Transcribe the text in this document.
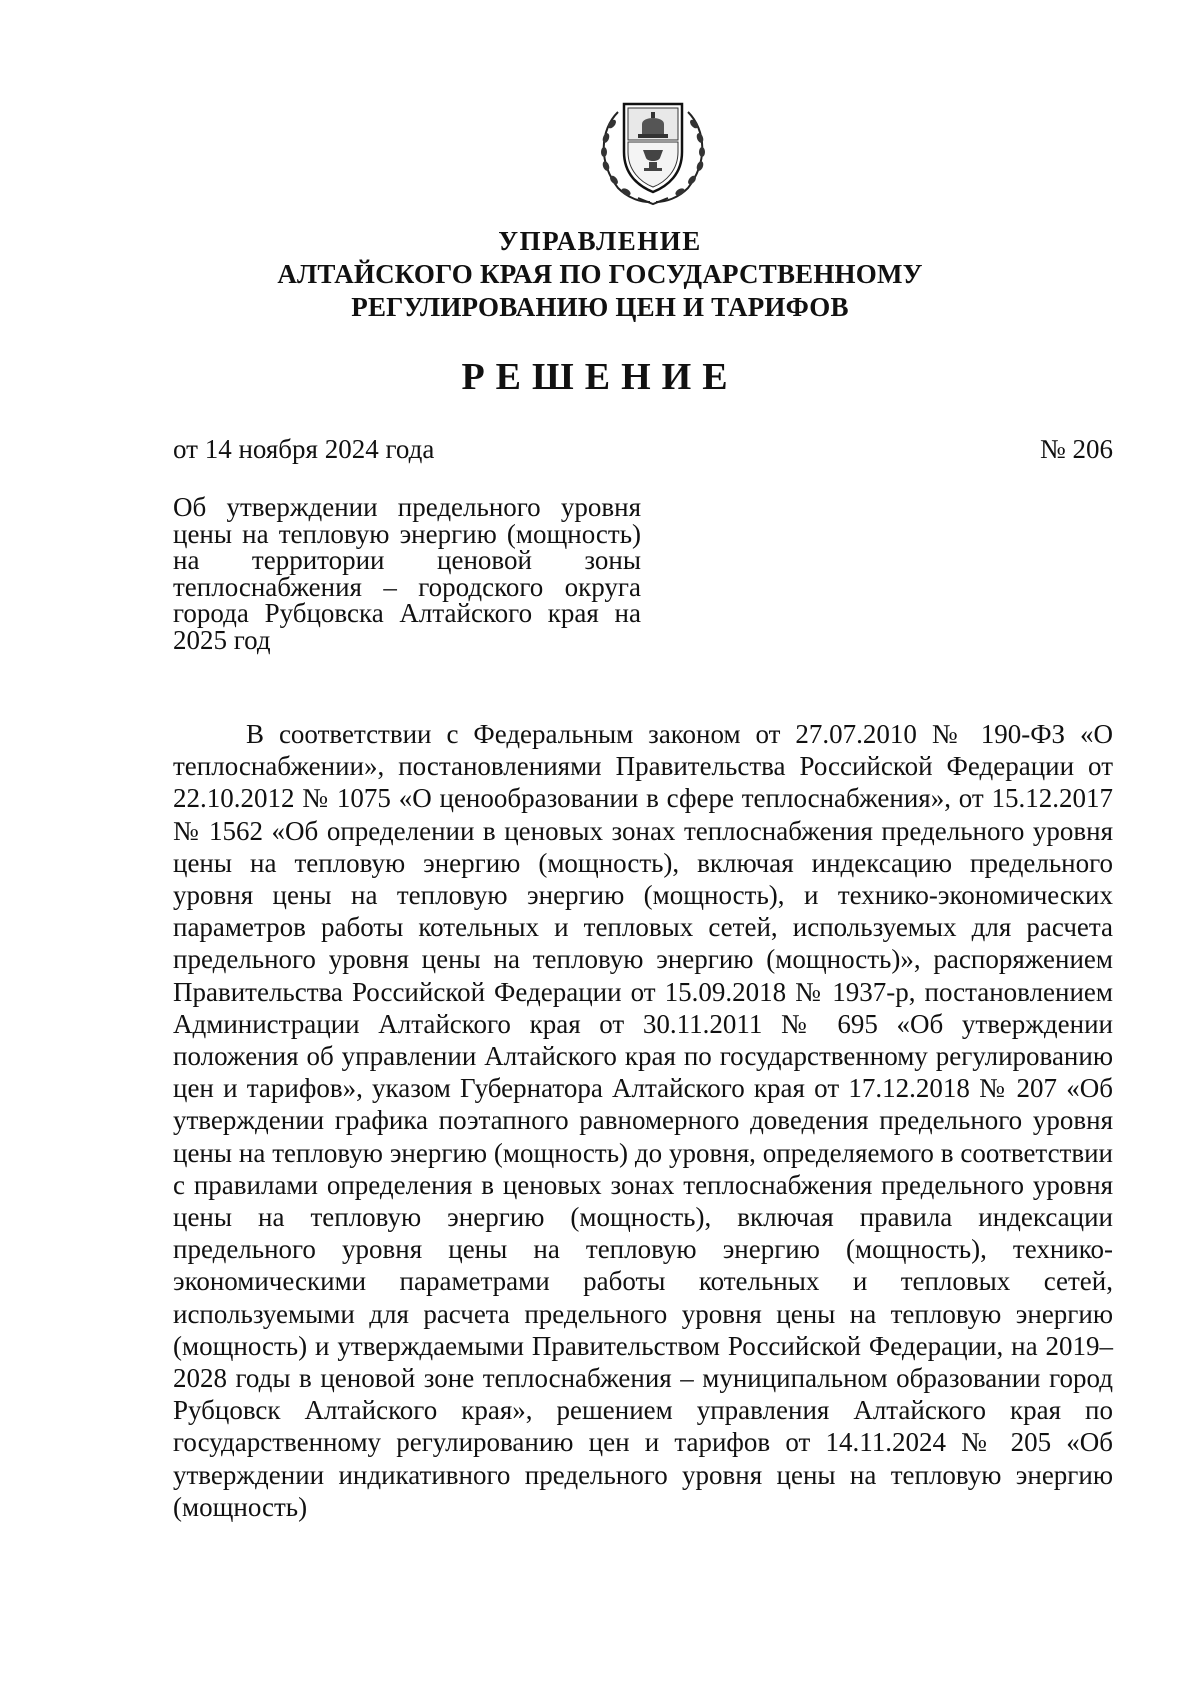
УПРАВЛЕНИЕ
АЛТАЙСКОГО КРАЯ ПО ГОСУДАРСТВЕННОМУ
РЕГУЛИРОВАНИЮ ЦЕН И ТАРИФОВ
РЕШЕНИЕ
от 14 ноября 2024 года	№ 206
Об утверждении предельного уровня цены на тепловую энергию (мощность) на территории ценовой зоны теплоснабжения – городского округа города Рубцовска Алтайского края на 2025 год
В соответствии с Федеральным законом от 27.07.2010 № 190-ФЗ «О теплоснабжении», постановлениями Правительства Российской Федерации от 22.10.2012 № 1075 «О ценообразовании в сфере теплоснабжения», от 15.12.2017 № 1562 «Об определении в ценовых зонах теплоснабжения предельного уровня цены на тепловую энергию (мощность), включая индексацию предельного уровня цены на тепловую энергию (мощность), и технико-экономических параметров работы котельных и тепловых сетей, используемых для расчета предельного уровня цены на тепловую энергию (мощность)», распоряжением Правительства Российской Федерации от 15.09.2018 № 1937-р, постановлением Администрации Алтайского края от 30.11.2011 № 695 «Об утверждении положения об управлении Алтайского края по государственному регулированию цен и тарифов», указом Губернатора Алтайского края от 17.12.2018 № 207 «Об утверждении графика поэтапного равномерного доведения предельного уровня цены на тепловую энергию (мощность) до уровня, определяемого в соответствии с правилами определения в ценовых зонах теплоснабжения предельного уровня цены на тепловую энергию (мощность), включая правила индексации предельного уровня цены на тепловую энергию (мощность), технико-экономическими параметрами работы котельных и тепловых сетей, используемыми для расчета предельного уровня цены на тепловую энергию (мощность) и утверждаемыми Правительством Российской Федерации, на 2019–2028 годы в ценовой зоне теплоснабжения – муниципальном образовании город Рубцовск Алтайского края», решением управления Алтайского края по государственному регулированию цен и тарифов от 14.11.2024 № 205 «Об утверждении индикативного предельного уровня цены на тепловую энергию (мощность)
